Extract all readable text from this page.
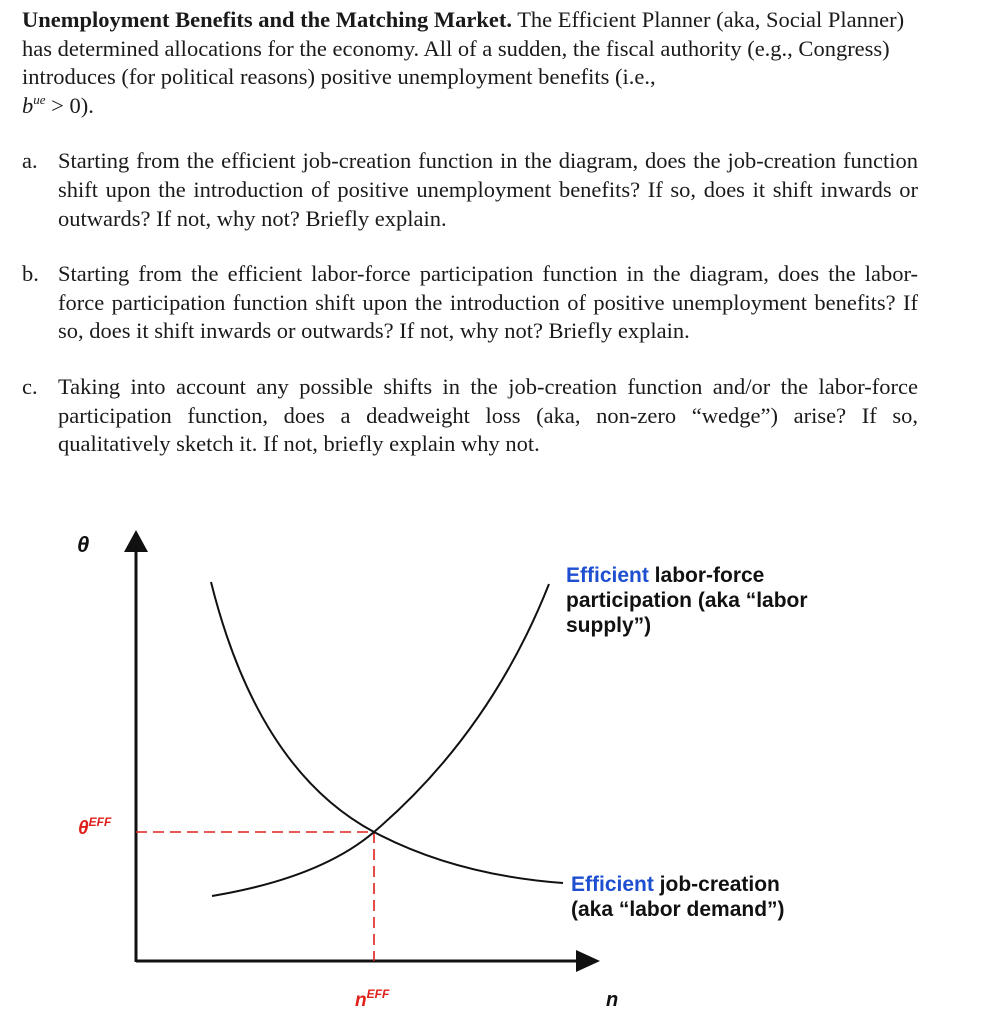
Unemployment Benefits and the Matching Market. The Efficient Planner (aka, Social Planner) has determined allocations for the economy. All of a sudden, the fiscal authority (e.g., Congress) introduces (for political reasons) positive unemployment benefits (i.e.,
$b^{ue} > 0$).

a. Starting from the efficient job-creation function in the diagram, does the job-creation function shift upon the introduction of positive unemployment benefits? If so, does it shift inwards or outwards? If not, why not? Briefly explain.
b. Starting from the efficient labor-force participation function in the diagram, does the labor-force participation function shift upon the introduction of positive unemployment benefits? If so, does it shift inwards or outwards? If not, why not? Briefly explain.
c. Taking into account any possible shifts in the job-creation function and/or the labor-force participation function, does a deadweight loss (aka, non-zero “wedge”) arise? If so, qualitatively sketch it. If not, briefly explain why not.
θ
$\theta^{EFF}$
$n^{EFF}$	n
Efficient labor-force
participation (aka “labor
supply”)
Efficient job-creation
(aka “labor demand”)
